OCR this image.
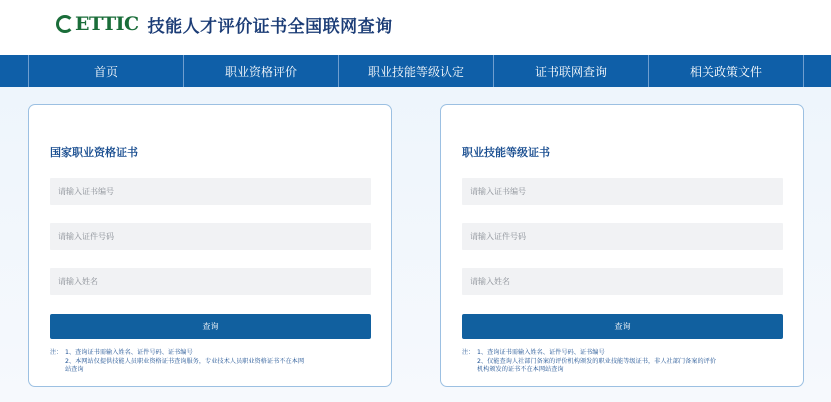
ETTIC 技能人才评价证书全国联网查询
首页	职业资格评价	职业技能等级认定	证书联网查询	相关政策文件
国家职业资格证书
请输入证书编号
请输入证件号码
请输入姓名
查询
注： 1、查询证书需输入姓名、证件号码、证书编号
2、本网站仅提供技能人员职业资格证书查询服务，专业技术人员职业资格证书不在本网
站查询
职业技能等级证书
请输入证书编号
请输入证件号码
请输入姓名
查询
注： 1、查询证书需输入姓名、证件号码、证书编号
2、仅能查询人社部门备案的评价机构颁发的职业技能等级证书，非人社部门备案的评价
机构颁发的证书不在本网站查询
